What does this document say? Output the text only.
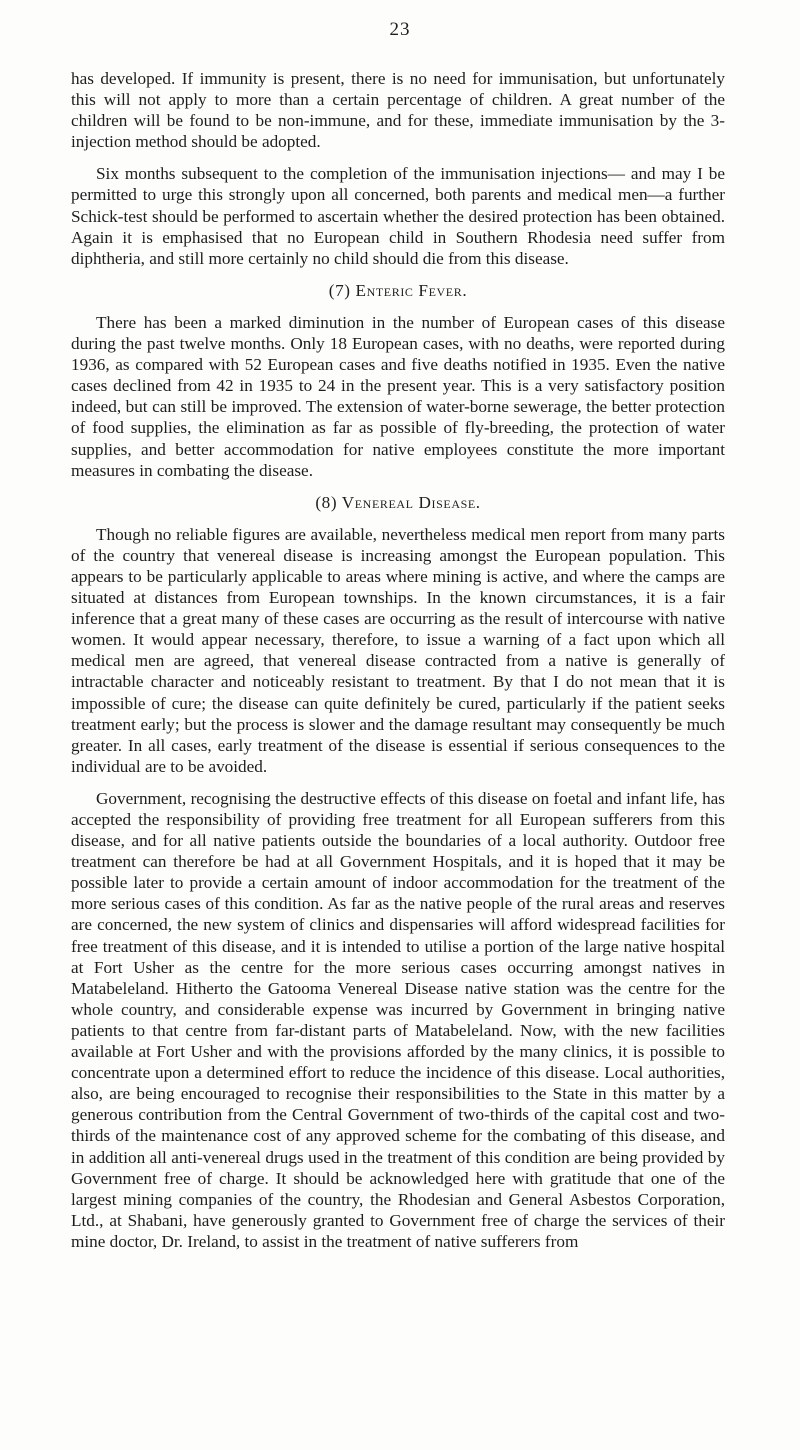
23

has developed. If immunity is present, there is no need for immunisation, but unfortunately this will not apply to more than a certain percentage of children. A great number of the children will be found to be non-immune, and for these, immediate immunisation by the 3-injection method should be adopted.

Six months subsequent to the completion of the immunisation injections— and may I be permitted to urge this strongly upon all concerned, both parents and medical men—a further Schick-test should be performed to ascertain whether the desired protection has been obtained. Again it is emphasised that no European child in Southern Rhodesia need suffer from diphtheria, and still more certainly no child should die from this disease.

(7) Enteric Fever.

There has been a marked diminution in the number of European cases of this disease during the past twelve months. Only 18 European cases, with no deaths, were reported during 1936, as compared with 52 European cases and five deaths notified in 1935. Even the native cases declined from 42 in 1935 to 24 in the present year. This is a very satisfactory position indeed, but can still be improved. The extension of water-borne sewerage, the better protection of food supplies, the elimination as far as possible of fly-breeding, the protection of water supplies, and better accommodation for native employees constitute the more important measures in combating the disease.

(8) Venereal Disease.

Though no reliable figures are available, nevertheless medical men report from many parts of the country that venereal disease is increasing amongst the European population. This appears to be particularly applicable to areas where mining is active, and where the camps are situated at distances from European townships. In the known circumstances, it is a fair inference that a great many of these cases are occurring as the result of intercourse with native women. It would appear necessary, therefore, to issue a warning of a fact upon which all medical men are agreed, that venereal disease contracted from a native is generally of intractable character and noticeably resistant to treatment. By that I do not mean that it is impossible of cure; the disease can quite definitely be cured, particularly if the patient seeks treatment early; but the process is slower and the damage resultant may consequently be much greater. In all cases, early treatment of the disease is essential if serious consequences to the individual are to be avoided.

Government, recognising the destructive effects of this disease on foetal and infant life, has accepted the responsibility of providing free treatment for all European sufferers from this disease, and for all native patients outside the boundaries of a local authority. Outdoor free treatment can therefore be had at all Government Hospitals, and it is hoped that it may be possible later to provide a certain amount of indoor accommodation for the treatment of the more serious cases of this condition. As far as the native people of the rural areas and reserves are concerned, the new system of clinics and dispensaries will afford widespread facilities for free treatment of this disease, and it is intended to utilise a portion of the large native hospital at Fort Usher as the centre for the more serious cases occurring amongst natives in Matabeleland. Hitherto the Gatooma Venereal Disease native station was the centre for the whole country, and considerable expense was incurred by Government in bringing native patients to that centre from far-distant parts of Matabeleland. Now, with the new facilities available at Fort Usher and with the provisions afforded by the many clinics, it is possible to concentrate upon a determined effort to reduce the incidence of this disease. Local authorities, also, are being encouraged to recognise their responsibilities to the State in this matter by a generous contribution from the Central Government of two-thirds of the capital cost and two-thirds of the maintenance cost of any approved scheme for the combating of this disease, and in addition all anti-venereal drugs used in the treatment of this condition are being provided by Government free of charge. It should be acknowledged here with gratitude that one of the largest mining companies of the country, the Rhodesian and General Asbestos Corporation, Ltd., at Shabani, have generously granted to Government free of charge the services of their mine doctor, Dr. Ireland, to assist in the treatment of native sufferers from
